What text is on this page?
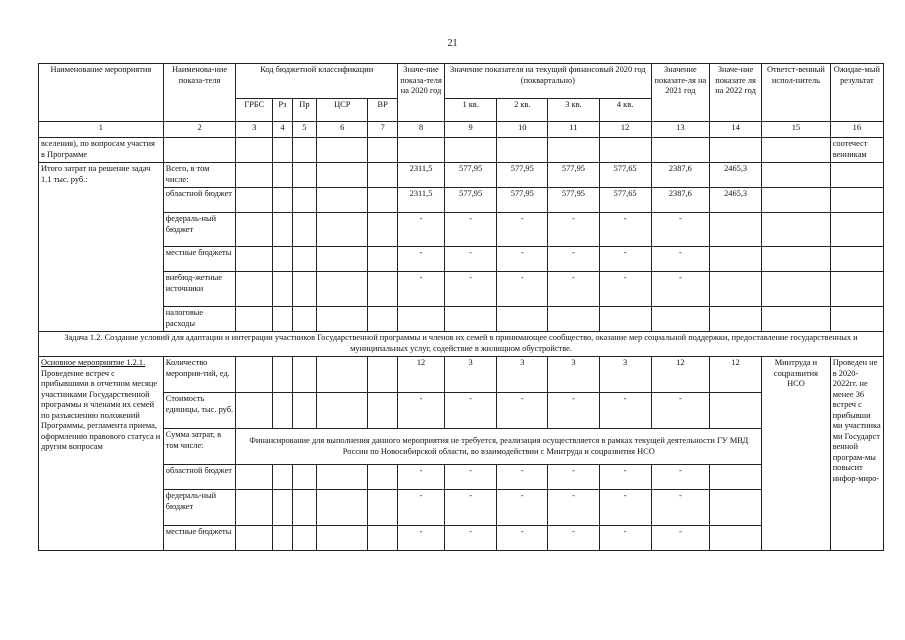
21
Наименование мероприятия	Наименова-ние показа-теля	Код бюджетной классификации					Значе-ние показа-теля на 2020 год	Значение показателя на текущий финансовый 2020 год (поквартально)				Значение показате-ля на 2021 год	Значе-ние показате ля на 2022 год	Ответст-венный испол-нитель	Ожидае-мый результат
		ГРБС	Рз	Пр	ЦСР	ВР		1 кв.	2 кв.	3 кв.	4 кв.				
1	2	3	4	5	6	7	8	9	10	11	12	13	14	15	16
вселения), по вопросам участия в Программе															соотечест венникам
Итого затрат на решение задач 1.1 тыс. руб.:	Всего, в том числе:						2311,5	577,95	577,95	577,95	577,65	2387,6	2465,3		
	областной бюджет						2311,5	577,95	577,95	577,95	577,65	2387,6	2465,3		
	федераль-ный бюджет						-	-	-	-	-	-			
	местные бюджеты						-	-	-	-	-	-			
	внебюд-жетные источники						-	-	-	-	-	-			
	налоговые расходы														
Задача 1.2. Создание условий для адаптации и интеграции участников Государственной программы и членов их семей в принимающее сообщество, оказание мер социальной поддержки, предоставление государственных и муниципальных услуг, содействие в жилищном обустройстве.															
Основное мероприятие 1.2.1.
Проведение встреч с прибывшими в отчетном месяце участниками Государственной программы и членами их семей по разъяснению положений Программы, регламента приема, оформлению правового статуса и другим вопросам	Количество мероприя-тий, ед.						12	3	3	3	3	12	12	Минтруда и соцразвития НСО	Проведен не в 2020-2022гг. не менее 36 встреч с прибывши ми участника ми Государст венной програм-мы повысит инфор-миро-
	Стоимость единицы, тыс. руб.						-	-	-	-	-	-			
	Сумма затрат, в том числе:	Финансирование для выполнения данного мероприятия не требуется, реализация осуществляется в рамках текущей деятельности ГУ МВД России по Новосибирской области, во взаимодействии с Минтруда и соцразвития НСО													
	областной бюджет						-	-	-	-	-	-			
	федераль-ный бюджет						-	-	-	-	-	-			
	местные бюджеты						-	-	-	-	-	-			
